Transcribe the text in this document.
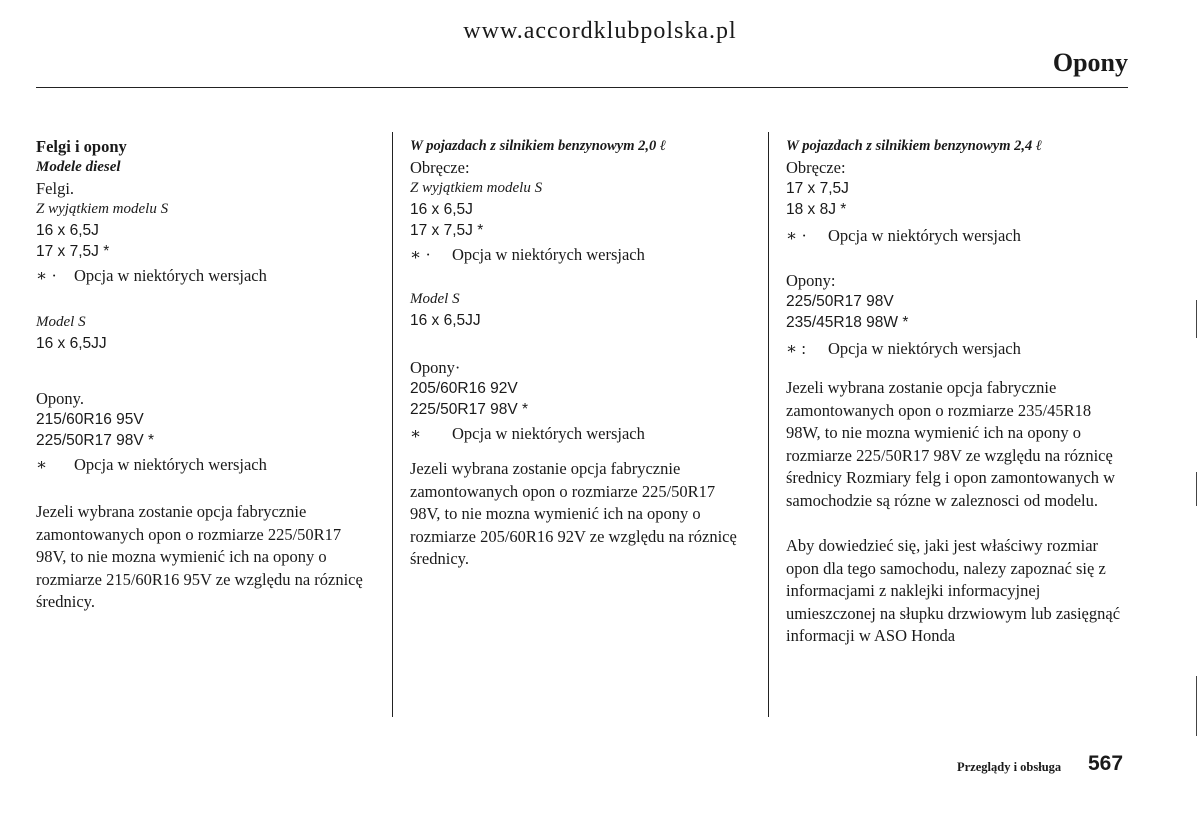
www.accordklubpolska.pl
Opony
Felgi i opony
Modele diesel
Felgi.
Z wyjątkiem modelu S
16 x 6,5J
17 x 7,5J *
∗ ·	Opcja w niektórych wersjach
Model S
16 x 6,5JJ
Opony.
215/60R16 95V
225/50R17 98V *
∗	Opcja w niektórych wersjach
Jezeli wybrana zostanie opcja fabrycznie zamontowanych opon o rozmiarze 225/50R17 98V, to nie mozna wymienić ich na opony o rozmiarze 215/60R16 95V ze względu na róznicę średnicy.
W pojazdach z silnikiem benzynowym 2,0 ℓ
Obręcze:
Z wyjątkiem modelu S
16 x 6,5J
17 x 7,5J *
∗ ·	Opcja w niektórych wersjach
Model S
16 x 6,5JJ
Opony·
205/60R16 92V
225/50R17 98V *
∗	Opcja w niektórych wersjach
Jezeli wybrana zostanie opcja fabrycznie zamontowanych opon o rozmiarze 225/50R17 98V, to nie mozna wymienić ich na opony o rozmiarze 205/60R16 92V ze względu na róznicę średnicy.
W pojazdach z silnikiem benzynowym 2,4 ℓ
Obręcze:
17 x 7,5J
18 x 8J *
∗ ·	Opcja w niektórych wersjach
Opony:
225/50R17 98V
235/45R18 98W *
∗ :	Opcja w niektórych wersjach
Jezeli wybrana zostanie opcja fabrycznie zamontowanych opon o rozmiarze 235/45R18 98W, to nie mozna wymienić ich na opony o rozmiarze 225/50R17 98V ze względu na róznicę średnicy Rozmiary felg i opon zamontowanych w samochodzie są rózne w zaleznosci od modelu.
Aby dowiedzieć się, jaki jest właściwy rozmiar opon dla tego samochodu, nalezy zapoznać się z informacjami z naklejki informacyjnej umieszczonej na słupku drzwiowym lub zasięgnąć informacji w ASO Honda
Przeglądy i obsługa 567
